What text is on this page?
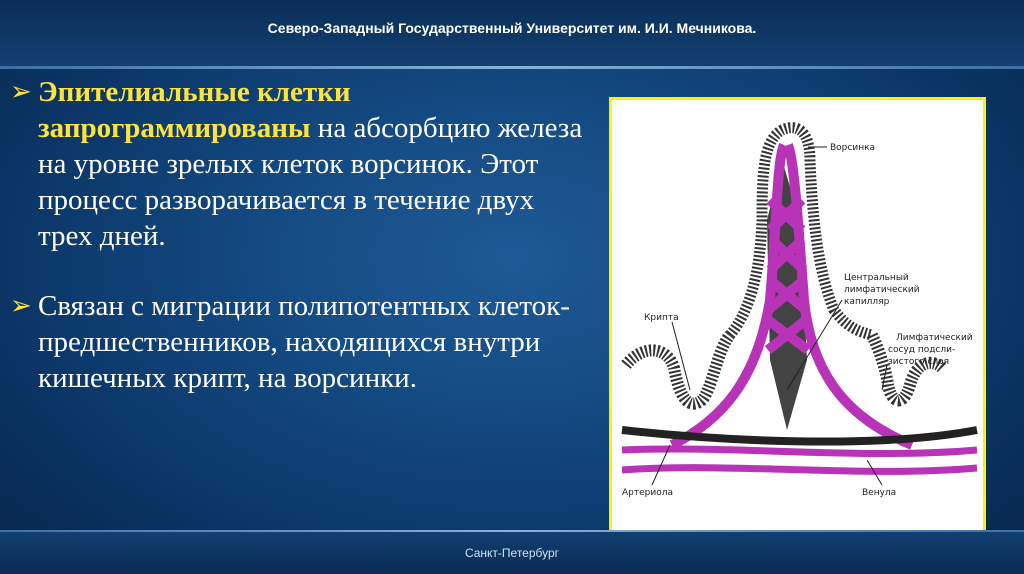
Северо-Западный Государственный Университет им. И.И. Мечникова.

➢ Эпителиальные клетки запрограммированы на абсорбцию железа на уровне зрелых клеток ворсинок. Этот процесс разворачивается в течение двух трех дней.

➢ Связан с миграции полипотентных клеток-предшественников, находящихся внутри кишечных крипт, на ворсинки.

Ворсинка
Центральный
лимфатический
капилляр
Крипта
Лимфатический
сосуд подсли-
зистого слоя
Артериола	Венула
Санкт-Петербург
